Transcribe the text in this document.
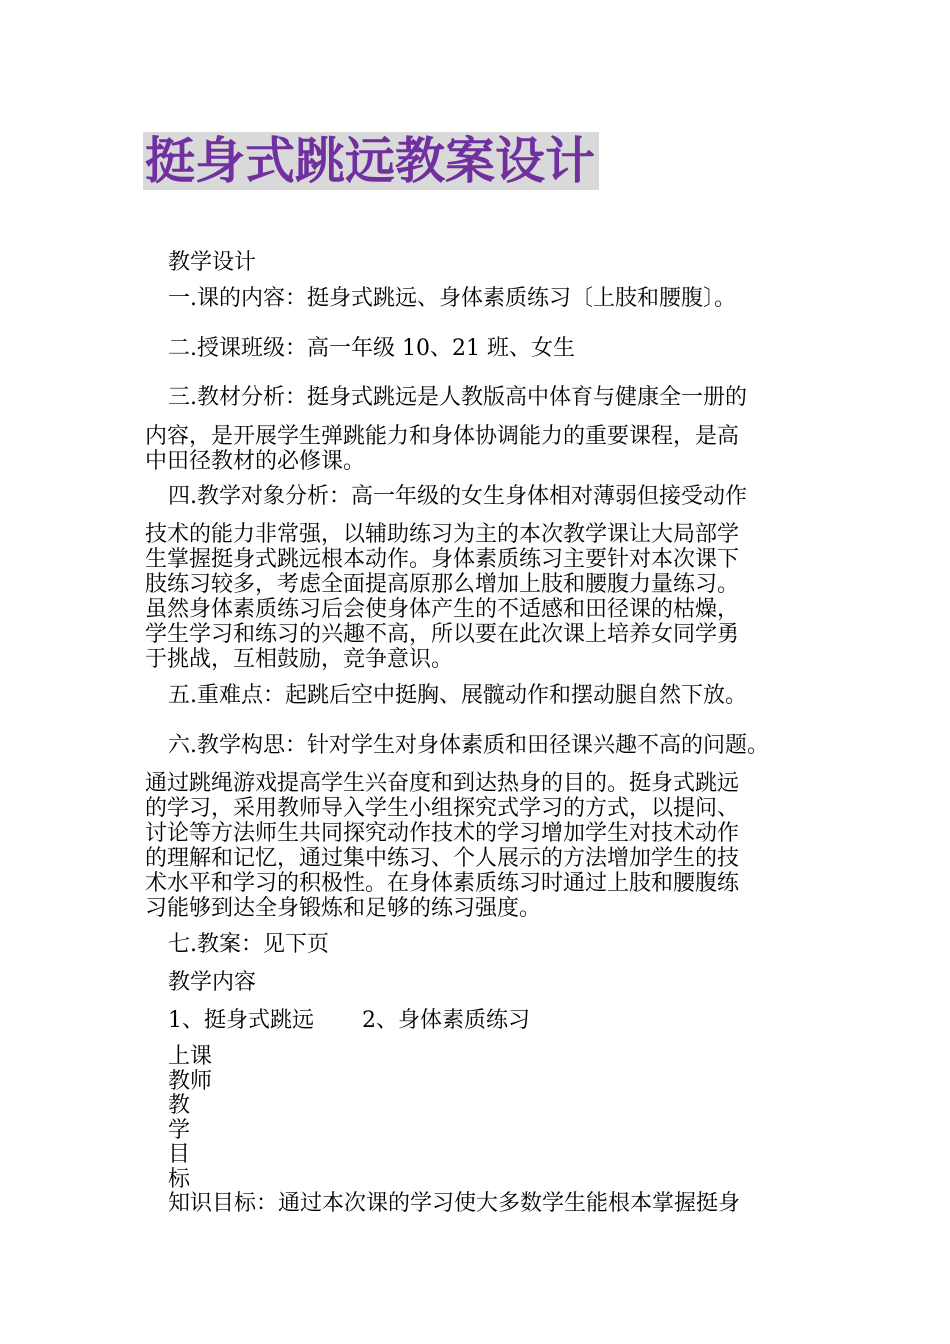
挺身式跳远教案设计
教学设计
一.课的内容：挺身式跳远、身体素质练习〔上肢和腰腹〕。
二.授课班级：高一年级 10、21 班、女生
三.教材分析：挺身式跳远是人教版高中体育与健康全一册的
内容，是开展学生弹跳能力和身体协调能力的重要课程，是高
中田径教材的必修课。
四.教学对象分析：高一年级的女生身体相对薄弱但接受动作
技术的能力非常强，以辅助练习为主的本次教学课让大局部学
生掌握挺身式跳远根本动作。身体素质练习主要针对本次课下
肢练习较多，考虑全面提高原那么增加上肢和腰腹力量练习。
虽然身体素质练习后会使身体产生的不适感和田径课的枯燥，
学生学习和练习的兴趣不高，所以要在此次课上培养女同学勇
于挑战，互相鼓励，竞争意识。
五.重难点：起跳后空中挺胸、展髋动作和摆动腿自然下放。
六.教学构思：针对学生对身体素质和田径课兴趣不高的问题。
通过跳绳游戏提高学生兴奋度和到达热身的目的。挺身式跳远
的学习，采用教师导入学生小组探究式学习的方式，以提问、
讨论等方法师生共同探究动作技术的学习增加学生对技术动作
的理解和记忆，通过集中练习、个人展示的方法增加学生的技
术水平和学习的积极性。在身体素质练习时通过上肢和腰腹练
习能够到达全身锻炼和足够的练习强度。
七.教案：见下页
教学内容
1、挺身式跳远 2、身体素质练习
上课
教师
教
学
目
标
知识目标：通过本次课的学习使大多数学生能根本掌握挺身
